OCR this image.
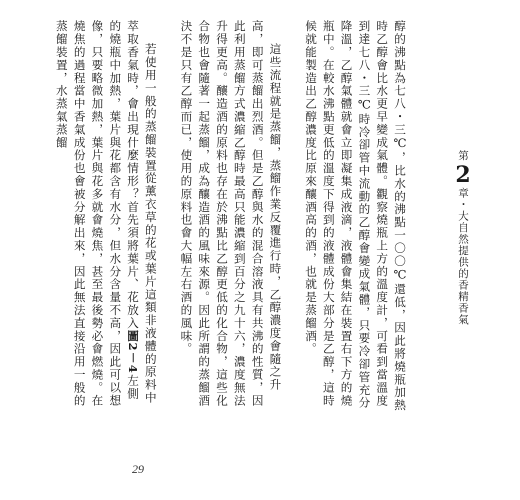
醇的沸點為七八・三℃，比水的沸點一〇〇℃還低，因此將燒瓶加熱時乙醇會比水更早變成氣體。觀察燒瓶上方的溫度計，可看到當溫度到達七八・三℃時冷卻管中流動的乙醇會變成氣體，只要冷卻管充分降溫，乙醇氣體就會立即凝集成液滴，液體會集結在裝置右下方的燒瓶中。在較水沸點更低的溫度下得到的液體成份大部分是乙醇，這時候就能製造出乙醇濃度比原來釀酒高的酒，也就是蒸餾酒。

這些流程就是蒸餾，蒸餾作業反覆進行時，乙醇濃度會隨之升高，即可蒸餾出烈酒。但是乙醇與水的混合溶液具有共沸的性質，因此利用蒸餾方式濃縮乙醇時最高只能濃縮到百分之九十六，濃度無法升得更高。釀造酒的原料也存在於沸點比乙醇更低的化合物，這些化合物也會隨著一起蒸餾，成為釀造酒的風味來源。因此所謂的蒸餾酒決不是只有乙醇而已，使用的原料也會大幅左右酒的風味。

若使用一般的蒸餾裝置從薰衣草的花或葉片這類非液體的原料中萃取香氣時，會出現什麼情形？首先須將葉片、花放入圖2－4左側的燒瓶中加熱，葉片與花都含有水分，但水分含量不高，因此可以想像，只要略微加熱，葉片與花多就會燒焦，甚至最後勢必會燃燒。在燒焦的過程當中香氣成份也會被分解出來，因此無法直接沿用一般的蒸餾裝置，水蒸氣蒸餾

第2章・大自然提供的香精香氣
29
